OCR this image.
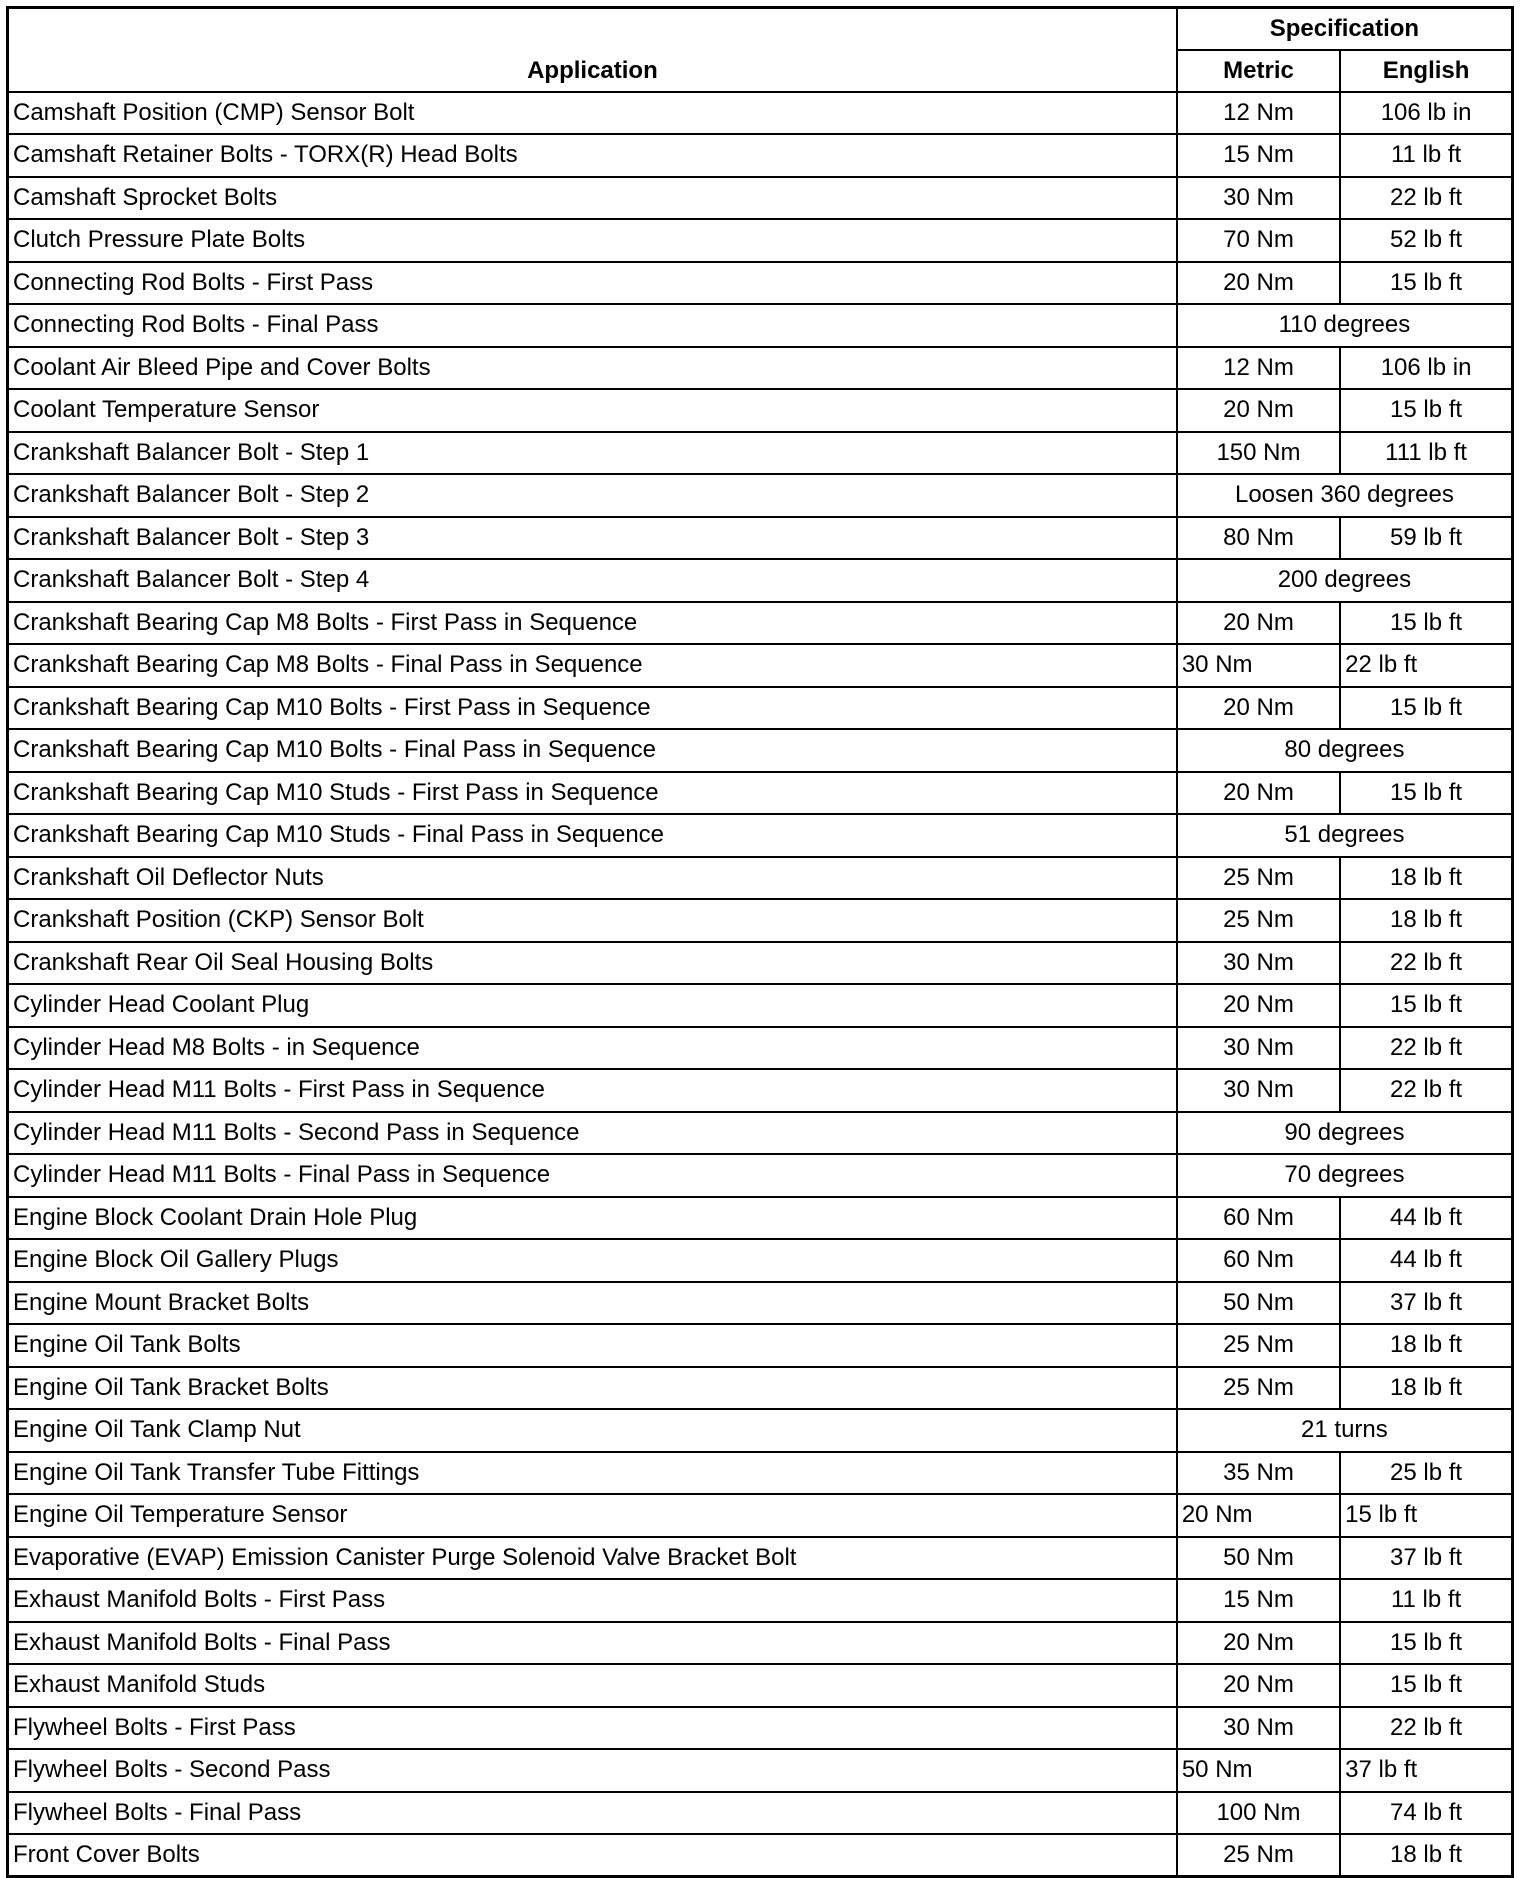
Application	Specification	
	Metric	English
Camshaft Position (CMP) Sensor Bolt	12 Nm	106 lb in
Camshaft Retainer Bolts - TORX(R) Head Bolts	15 Nm	11 lb ft
Camshaft Sprocket Bolts	30 Nm	22 lb ft
Clutch Pressure Plate Bolts	70 Nm	52 lb ft
Connecting Rod Bolts - First Pass	20 Nm	15 lb ft
Connecting Rod Bolts - Final Pass	110 degrees	
Coolant Air Bleed Pipe and Cover Bolts	12 Nm	106 lb in
Coolant Temperature Sensor	20 Nm	15 lb ft
Crankshaft Balancer Bolt - Step 1	150 Nm	111 lb ft
Crankshaft Balancer Bolt - Step 2	Loosen 360 degrees	
Crankshaft Balancer Bolt - Step 3	80 Nm	59 lb ft
Crankshaft Balancer Bolt - Step 4	200 degrees	
Crankshaft Bearing Cap M8 Bolts - First Pass in Sequence	20 Nm	15 lb ft
Crankshaft Bearing Cap M8 Bolts - Final Pass in Sequence	30 Nm	22 lb ft
Crankshaft Bearing Cap M10 Bolts - First Pass in Sequence	20 Nm	15 lb ft
Crankshaft Bearing Cap M10 Bolts - Final Pass in Sequence	80 degrees	
Crankshaft Bearing Cap M10 Studs - First Pass in Sequence	20 Nm	15 lb ft
Crankshaft Bearing Cap M10 Studs - Final Pass in Sequence	51 degrees	
Crankshaft Oil Deflector Nuts	25 Nm	18 lb ft
Crankshaft Position (CKP) Sensor Bolt	25 Nm	18 lb ft
Crankshaft Rear Oil Seal Housing Bolts	30 Nm	22 lb ft
Cylinder Head Coolant Plug	20 Nm	15 lb ft
Cylinder Head M8 Bolts - in Sequence	30 Nm	22 lb ft
Cylinder Head M11 Bolts - First Pass in Sequence	30 Nm	22 lb ft
Cylinder Head M11 Bolts - Second Pass in Sequence	90 degrees	
Cylinder Head M11 Bolts - Final Pass in Sequence	70 degrees	
Engine Block Coolant Drain Hole Plug	60 Nm	44 lb ft
Engine Block Oil Gallery Plugs	60 Nm	44 lb ft
Engine Mount Bracket Bolts	50 Nm	37 lb ft
Engine Oil Tank Bolts	25 Nm	18 lb ft
Engine Oil Tank Bracket Bolts	25 Nm	18 lb ft
Engine Oil Tank Clamp Nut	21 turns	
Engine Oil Tank Transfer Tube Fittings	35 Nm	25 lb ft
Engine Oil Temperature Sensor	20 Nm	15 lb ft
Evaporative (EVAP) Emission Canister Purge Solenoid Valve Bracket Bolt	50 Nm	37 lb ft
Exhaust Manifold Bolts - First Pass	15 Nm	11 lb ft
Exhaust Manifold Bolts - Final Pass	20 Nm	15 lb ft
Exhaust Manifold Studs	20 Nm	15 lb ft
Flywheel Bolts - First Pass	30 Nm	22 lb ft
Flywheel Bolts - Second Pass	50 Nm	37 lb ft
Flywheel Bolts - Final Pass	100 Nm	74 lb ft
Front Cover Bolts	25 Nm	18 lb ft
